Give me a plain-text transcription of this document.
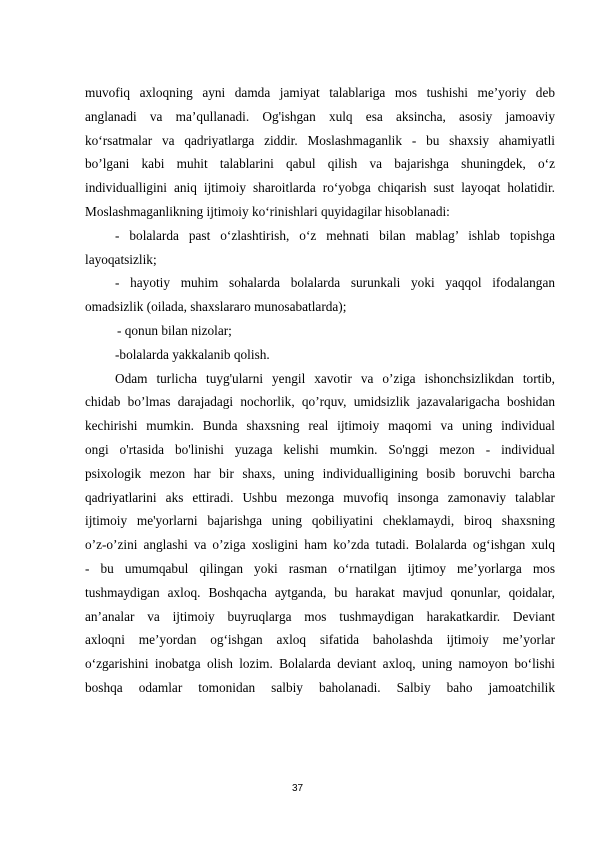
muvofiq axloqning ayni damda jamiyat talablariga mos tushishi me’yoriy deb
anglanadi va ma’qullanadi. Og'ishgan xulq esa aksincha, asosiy jamoaviy
ko‘rsatmalar va qadriyatlarga ziddir. Moslashmaganlik - bu shaxsiy ahamiyatli
bo’lgani kabi muhit talablarini qabul qilish va bajarishga shuningdek, o‘z
individualligini aniq ijtimoiy sharoitlarda ro‘yobga chiqarish sust layoqat holatidir.
Moslashmaganlikning ijtimoiy ko‘rinishlari quyidagilar hisoblanadi:
- bolalarda past o‘zlashtirish, o‘z mehnati bilan mablag’ ishlab topishga
layoqatsizlik;
- hayotiy muhim sohalarda bolalarda surunkali yoki yaqqol ifodalangan
omadsizlik (oilada, shaxslararo munosabatlarda);
- qonun bilan nizolar;
-bolalarda yakkalanib qolish.
Odam turlicha tuyg'ularni yengil xavotir va o’ziga ishonchsizlikdan tortib,
chidab bo’lmas darajadagi nochorlik, qo’rquv, umidsizlik jazavalarigacha boshidan
kechirishi mumkin. Bunda shaxsning real ijtimoiy maqomi va uning individual
ongi o'rtasida bo'linishi yuzaga kelishi mumkin. So'nggi mezon - individual
psixologik mezon har bir shaxs, uning individualligining bosib boruvchi barcha
qadriyatlarini aks ettiradi. Ushbu mezonga muvofiq insonga zamonaviy talablar
ijtimoiy me'yorlarni bajarishga uning qobiliyatini cheklamaydi, biroq shaxsning
o’z-o’zini anglashi va o’ziga xosligini ham ko’zda tutadi. Bolalarda og‘ishgan xulq
- bu umumqabul qilingan yoki rasman o‘rnatilgan ijtimoy me’yorlarga mos
tushmaydigan axloq. Boshqacha aytganda, bu harakat mavjud qonunlar, qoidalar,
an’analar va ijtimoiy buyruqlarga mos tushmaydigan harakatkardir. Deviant
axloqni me’yordan og‘ishgan axloq sifatida baholashda ijtimoiy me’yorlar
o‘zgarishini inobatga olish lozim. Bolalarda deviant axloq, uning namoyon bo‘lishi
boshqa odamlar tomonidan salbiy baholanadi. Salbiy baho jamoatchilik
37
